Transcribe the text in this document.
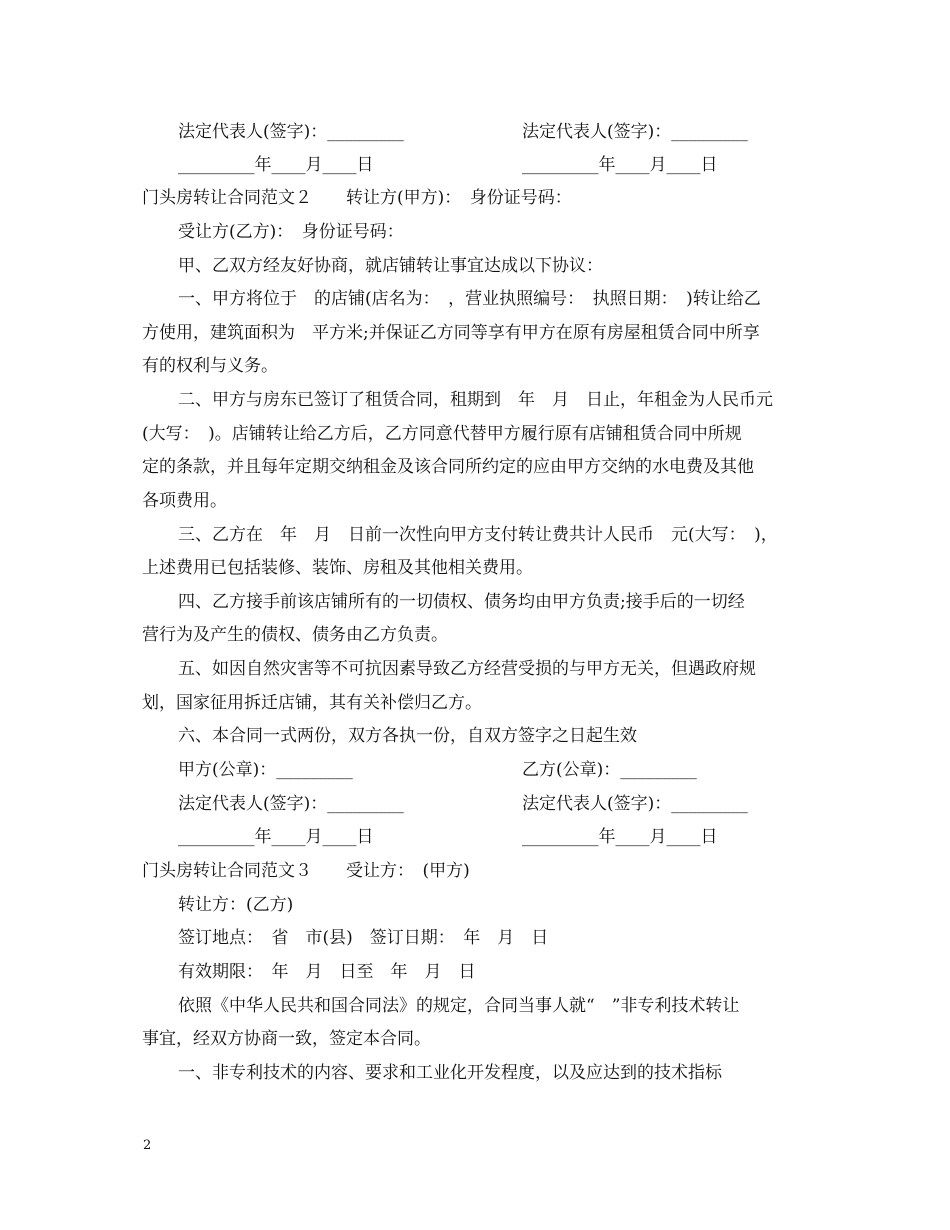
法定代表人(签字)：_________	法定代表人(签字)：_________
_________年____月____日	_________年____月____日
门头房转让合同范文２　　转让方(甲方)：　身份证号码：
受让方(乙方)：　身份证号码：
甲、乙双方经友好协商，就店铺转让事宜达成以下协议：
一、甲方将位于　的店铺(店名为：　，营业执照编号：　执照日期：　)转让给乙
方使用，建筑面积为　平方米;并保证乙方同等享有甲方在原有房屋租赁合同中所享
有的权利与义务。
二、甲方与房东已签订了租赁合同，租期到　年　月　日止，年租金为人民币元
(大写：　)。店铺转让给乙方后，乙方同意代替甲方履行原有店铺租赁合同中所规
定的条款，并且每年定期交纳租金及该合同所约定的应由甲方交纳的水电费及其他
各项费用。
三、乙方在　年　月　日前一次性向甲方支付转让费共计人民币　元(大写：　)，
上述费用已包括装修、装饰、房租及其他相关费用。
四、乙方接手前该店铺所有的一切债权、债务均由甲方负责;接手后的一切经
营行为及产生的债权、债务由乙方负责。
五、如因自然灾害等不可抗因素导致乙方经营受损的与甲方无关，但遇政府规
划，国家征用拆迁店铺，其有关补偿归乙方。
六、本合同一式两份，双方各执一份，自双方签字之日起生效
甲方(公章)：_________	乙方(公章)：_________
法定代表人(签字)：_________	法定代表人(签字)：_________
_________年____月____日	_________年____月____日
门头房转让合同范文３　　受让方：　(甲方)
转让方：(乙方)
签订地点：　省　市(县)　签订日期：　年　月　日
有效期限：　年　月　日至　年　月　日
依照《中华人民共和国合同法》的规定，合同当事人就“　”非专利技术转让
事宜，经双方协商一致，签定本合同。
一、非专利技术的内容、要求和工业化开发程度，以及应达到的技术指标
2
